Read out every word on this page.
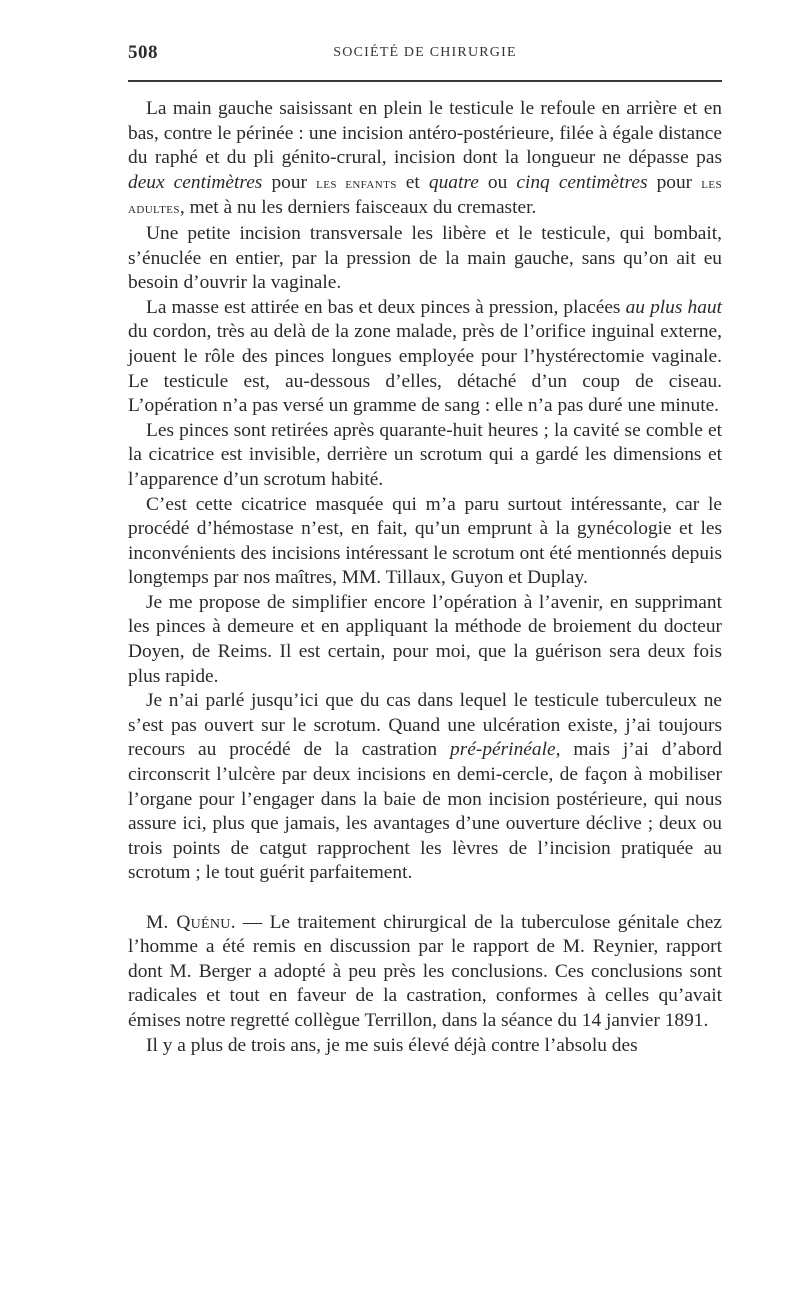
508	SOCIÉTÉ DE CHIRURGIE

La main gauche saisissant en plein le testicule le refoule en arrière et en bas, contre le périnée : une incision antéro-postérieure, filée à égale distance du raphé et du pli génito-crural, incision dont la longueur ne dépasse pas deux centimètres pour les enfants et quatre ou cinq centimètres pour les adultes, met à nu les derniers faisceaux du cremaster.

Une petite incision transversale les libère et le testicule, qui bombait, s’énuclée en entier, par la pression de la main gauche, sans qu’on ait eu besoin d’ouvrir la vaginale.

La masse est attirée en bas et deux pinces à pression, placées au plus haut du cordon, très au delà de la zone malade, près de l’orifice inguinal externe, jouent le rôle des pinces longues employée pour l’hystérectomie vaginale. Le testicule est, au-dessous d’elles, détaché d’un coup de ciseau. L’opération n’a pas versé un gramme de sang : elle n’a pas duré une minute.

Les pinces sont retirées après quarante-huit heures ; la cavité se comble et la cicatrice est invisible, derrière un scrotum qui a gardé les dimensions et l’apparence d’un scrotum habité.

C’est cette cicatrice masquée qui m’a paru surtout intéressante, car le procédé d’hémostase n’est, en fait, qu’un emprunt à la gynécologie et les inconvénients des incisions intéressant le scrotum ont été mentionnés depuis longtemps par nos maîtres, MM. Tillaux, Guyon et Duplay.

Je me propose de simplifier encore l’opération à l’avenir, en supprimant les pinces à demeure et en appliquant la méthode de broiement du docteur Doyen, de Reims. Il est certain, pour moi, que la guérison sera deux fois plus rapide.

Je n’ai parlé jusqu’ici que du cas dans lequel le testicule tuberculeux ne s’est pas ouvert sur le scrotum. Quand une ulcération existe, j’ai toujours recours au procédé de la castration pré-périnéale, mais j’ai d’abord circonscrit l’ulcère par deux incisions en demi-cercle, de façon à mobiliser l’organe pour l’engager dans la baie de mon incision postérieure, qui nous assure ici, plus que jamais, les avantages d’une ouverture déclive ; deux ou trois points de catgut rapprochent les lèvres de l’incision pratiquée au scrotum ; le tout guérit parfaitement.

M. Quénu. — Le traitement chirurgical de la tuberculose génitale chez l’homme a été remis en discussion par le rapport de M. Reynier, rapport dont M. Berger a adopté à peu près les conclusions. Ces conclusions sont radicales et tout en faveur de la castration, conformes à celles qu’avait émises notre regretté collègue Terrillon, dans la séance du 14 janvier 1891.

Il y a plus de trois ans, je me suis élevé déjà contre l’absolu des
